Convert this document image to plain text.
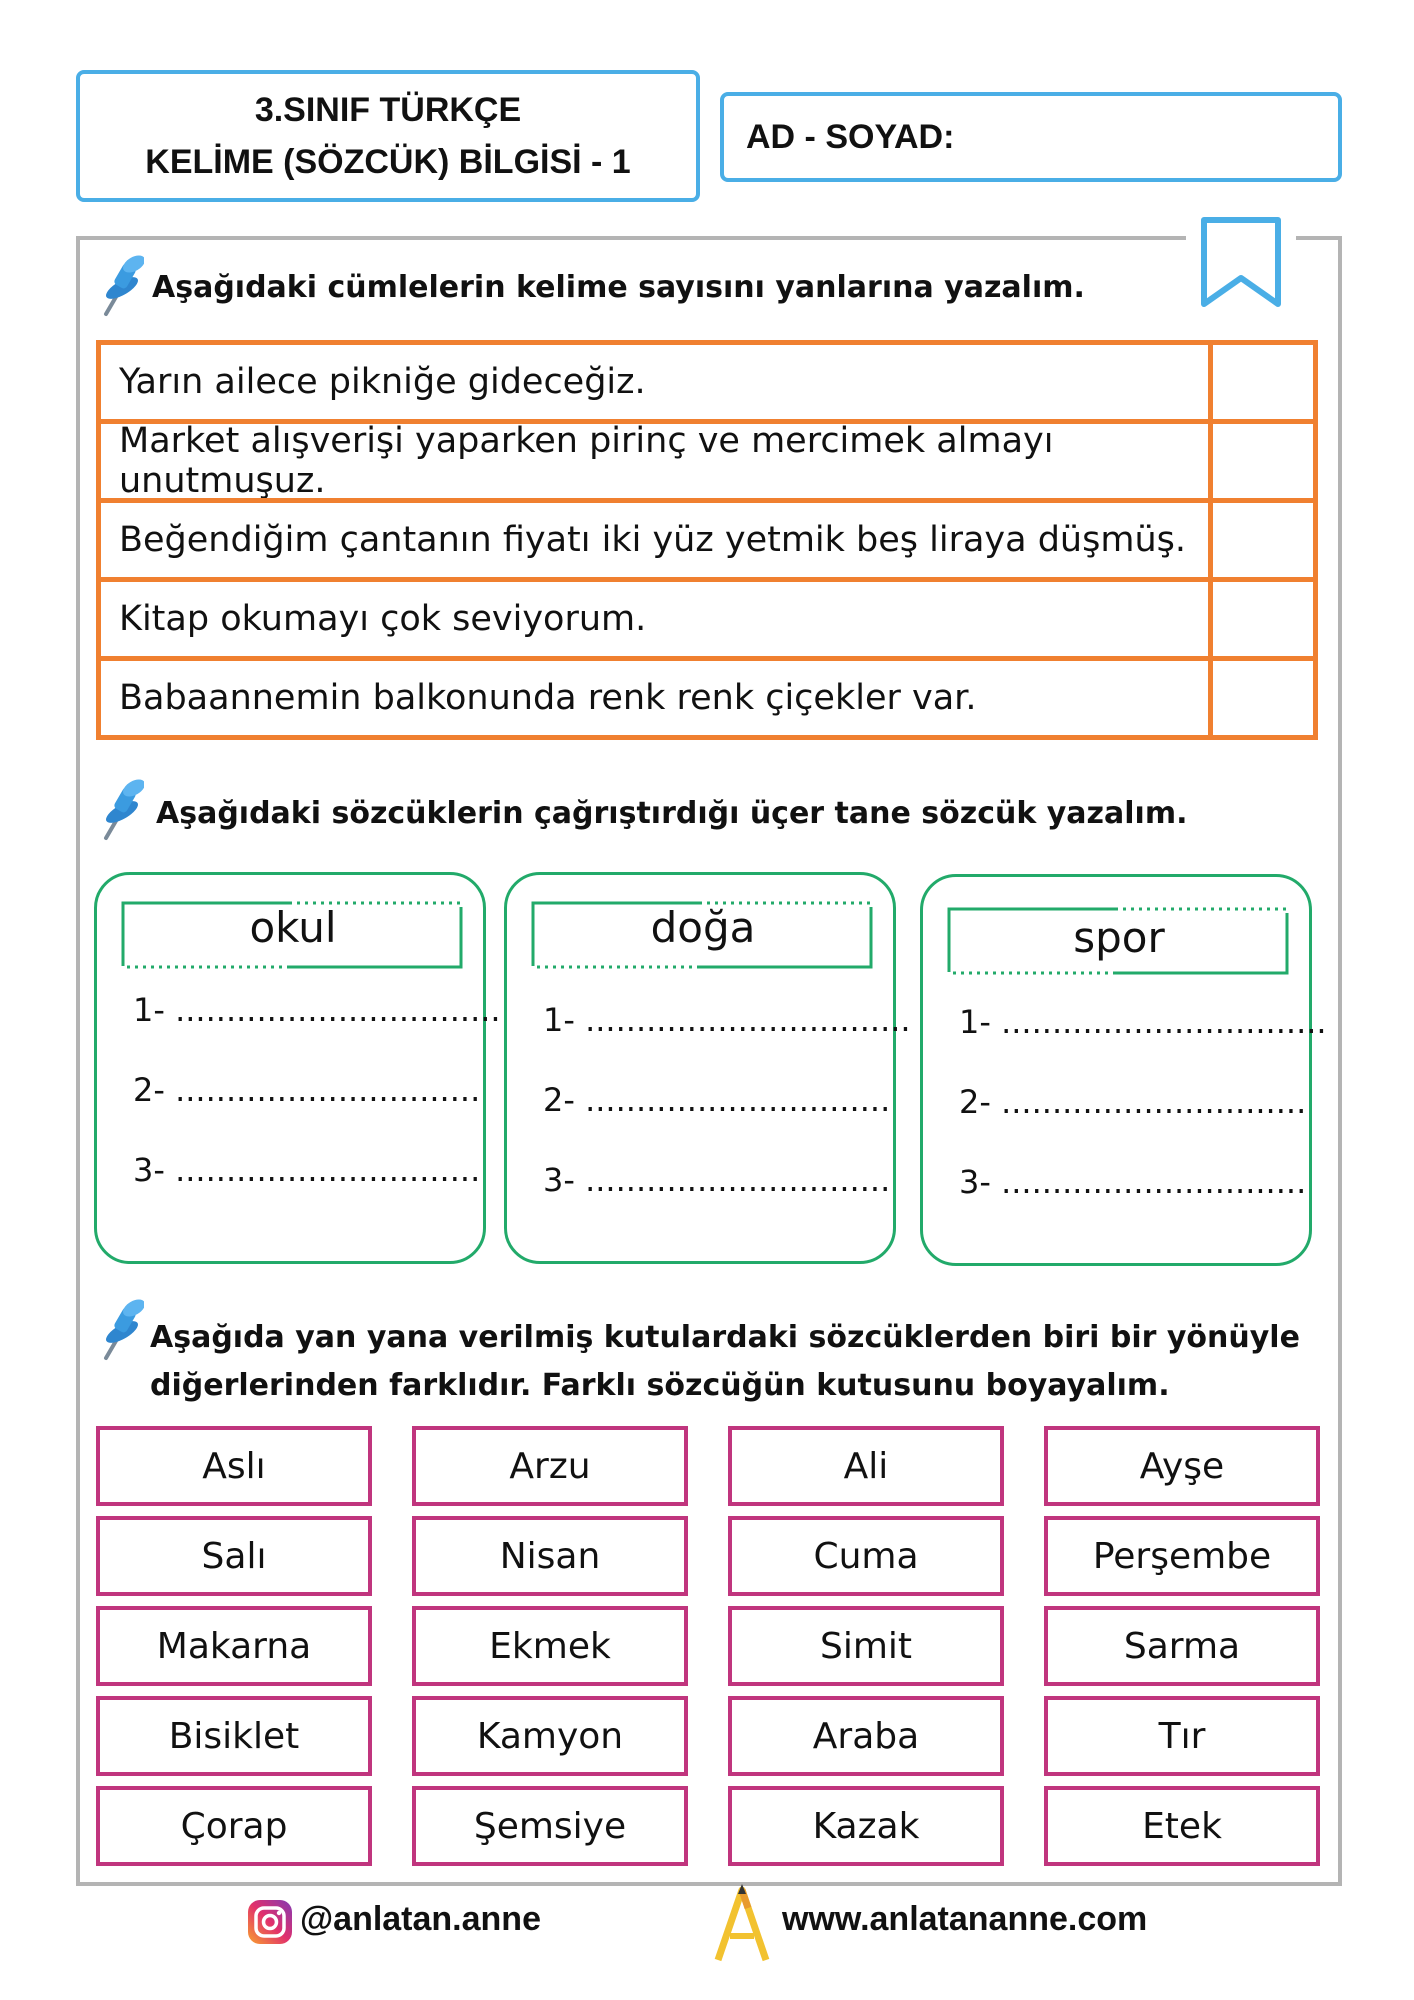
3.SINIF TÜRKÇE
KELİME (SÖZCÜK) BİLGİSİ - 1
AD - SOYAD:
Aşağıdaki cümlelerin kelime sayısını yanlarına yazalım.
Yarın ailece pikniğe gideceğiz.
Market alışverişi yaparken pirinç ve mercimek almayı unutmuşuz.
Beğendiğim çantanın fiyatı iki yüz yetmik beş liraya düşmüş.
Kitap okumayı çok seviyorum.
Babaannemin balkonunda renk renk çiçekler var.
Aşağıdaki sözcüklerin çağrıştırdığı üçer tane sözcük yazalım.
okul
1- ................................
2- ..............................
3- ..............................
doğa
1- ................................
2- ..............................
3- ..............................
spor
1- ................................
2- ..............................
3- ..............................
Aşağıda yan yana verilmiş kutulardaki sözcüklerden biri bir yönüyle
diğerlerinden farklıdır. Farklı sözcüğün kutusunu boyayalım.
Aslı	Arzu	Ali	Ayşe
Salı	Nisan	Cuma	Perşembe
Makarna	Ekmek	Simit	Sarma
Bisiklet	Kamyon	Araba	Tır
Çorap	Şemsiye	Kazak	Etek
@anlatan.anne	www.anlatananne.com
